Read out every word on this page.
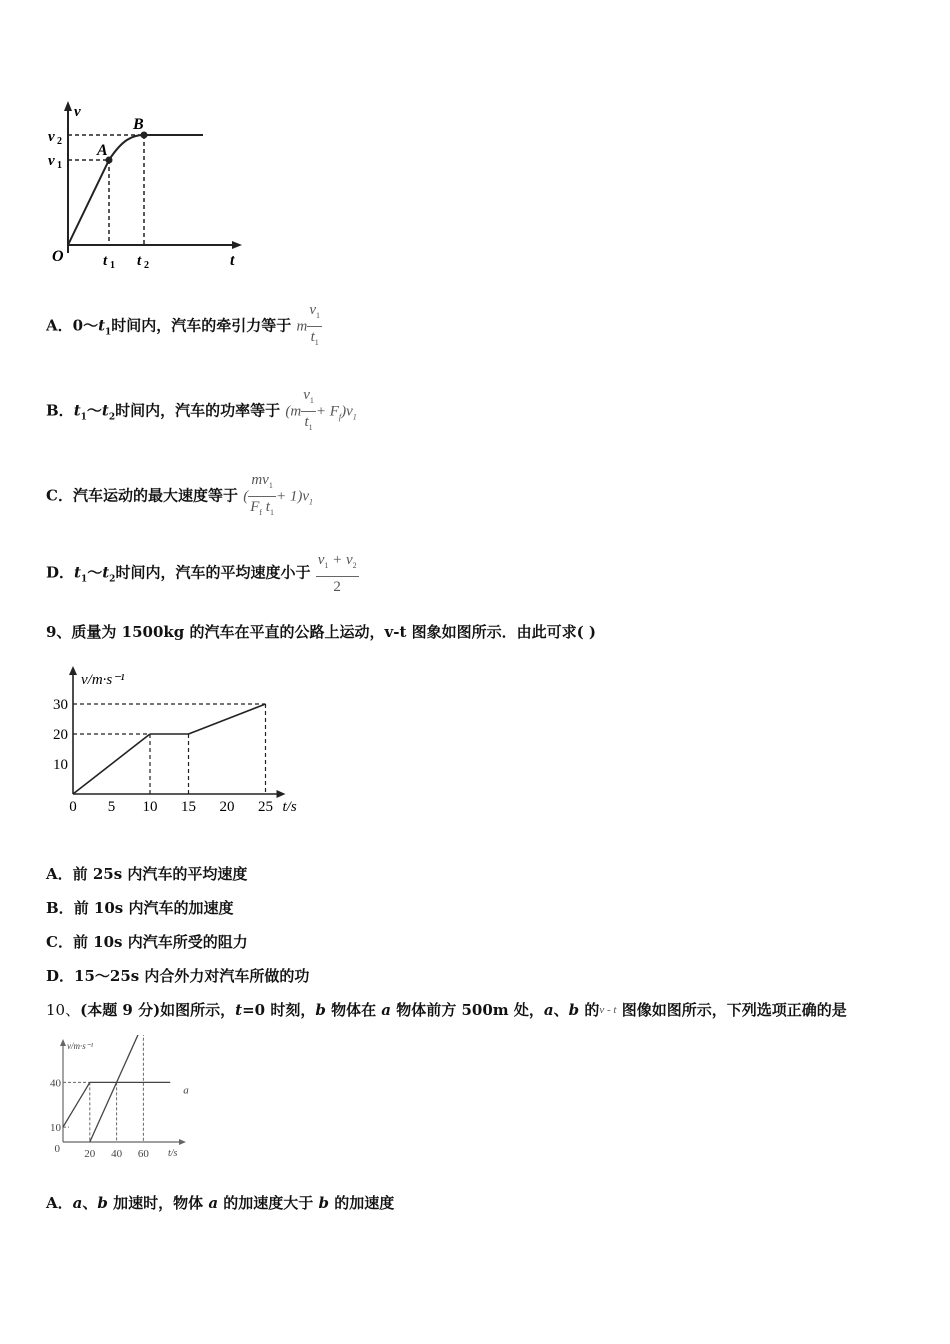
v
t
O
v 2
v 1
t 1 t 2
A
B
A．$0\sim t_1$时间内，汽车的牵引力等于 m $\frac{v_1}{t_1}$
B．$t_1\sim t_2$时间内，汽车的功率等于 $(m \frac{v_1}{t_1} + F_f)v_1$
C．汽车运动的最大速度等于 ( $\frac{mv_1}{F_f t_1} + 1)v_1$
D．$t_1\sim t_2$时间内，汽车的平均速度小于 $\frac{v_1 + v_2}{2}$
9、质量为 1500kg 的汽车在平直的公路上运动，v-t 图象如图所示．由此可求( )
v/m·s⁻¹
t/s
10
20
30
0 5 10 15 20 25
A．前 25s 内汽车的平均速度
B．前 10s 内汽车的加速度
C．前 10s 内汽车所受的阻力
D．15～25s 内合外力对汽车所做的功
10、(本题 9 分)如图所示，t=0 时刻，b 物体在 a 物体前方 500m 处，a、b 的$^{v - t}$ 图像如图所示，下列选项正确的是
v/m·s⁻¹
t/s
10
40
0 20 40 60
a
A．a、b 加速时，物体 a 的加速度大于 b 的加速度
